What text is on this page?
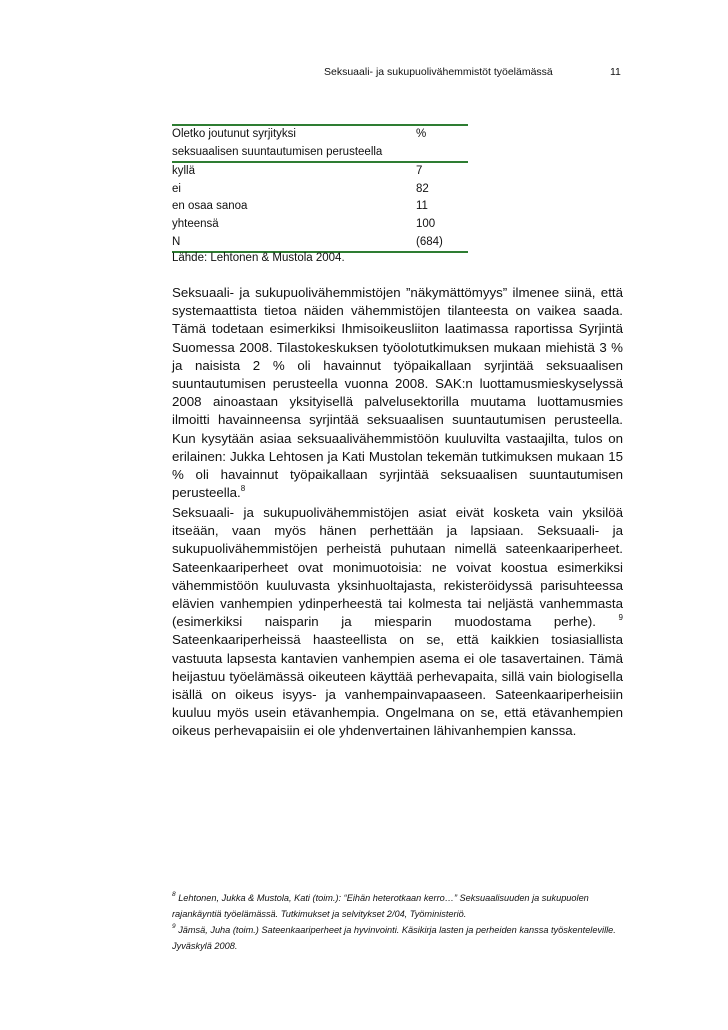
Seksuaali- ja sukupuolivähemmistöt työelämässä	11
Oletko joutunut syrjityksi	%
seksuaalisen suuntautumisen perusteella	
kyllä	7
ei	82
en osaa sanoa	11
yhteensä	100
N	(684)
Lähde: Lehtonen & Mustola 2004.

Seksuaali- ja sukupuolivähemmistöjen ”näkymättömyys” ilmenee siinä, että systemaattista tietoa näiden vähemmistöjen tilanteesta on vaikea saada. Tämä todetaan esimerkiksi Ihmisoikeusliiton laatimassa raportissa Syrjintä Suomessa 2008. Tilastokeskuksen työolotutkimuksen mukaan miehistä 3 % ja naisista 2 % oli havainnut työpaikallaan syrjintää seksuaalisen suuntautumisen perusteella vuonna 2008. SAK:n luottamusmieskyselyssä 2008 ainoastaan yksityisellä palvelusektorilla muutama luottamusmies ilmoitti havainneensa syrjintää seksuaalisen suuntautumisen perusteella. Kun kysytään asiaa seksuaalivähemmistöön kuuluvilta vastaajilta, tulos on erilainen: Jukka Lehtosen ja Kati Mustolan tekemän tutkimuksen mukaan 15 % oli havainnut työpaikallaan syrjintää seksuaalisen suuntautumisen perusteella.$^8$

Seksuaali- ja sukupuolivähemmistöjen asiat eivät kosketa vain yksilöä itseään, vaan myös hänen perhettään ja lapsiaan. Seksuaali- ja sukupuolivähemmistöjen perheistä puhutaan nimellä sateenkaariperheet. Sateenkaariperheet ovat monimuotoisia: ne voivat koostua esimerkiksi vähemmistöön kuuluvasta yksinhuoltajasta, rekisteröidyssä parisuhteessa elävien vanhempien ydinperheestä tai kolmesta tai neljästä vanhemmasta (esimerkiksi naisparin ja miesparin muodostama perhe).	$^9$ Sateenkaariperheissä haasteellista on se, että kaikkien tosiasiallista vastuuta lapsesta kantavien vanhempien asema ei ole tasavertainen. Tämä heijastuu työelämässä oikeuteen käyttää perhevapaita, sillä vain biologisella isällä on oikeus isyys- ja vanhempainvapaaseen. Sateenkaariperheisiin kuuluu myös usein etävanhempia. Ongelmana on se, että etävanhempien oikeus perhevapaisiin ei ole yhdenvertainen lähivanhempien kanssa.

$^8$ Lehtonen, Jukka & Mustola, Kati (toim.): “Eihän heterotkaan kerro…” Seksuaalisuuden ja sukupuolen rajankäyntiä työelämässä. Tutkimukset ja selvitykset 2/04, Työministeriö.
$^9$ Jämsä, Juha (toim.) Sateenkaariperheet ja hyvinvointi. Käsikirja lasten ja perheiden kanssa työskenteleville. Jyväskylä 2008.
